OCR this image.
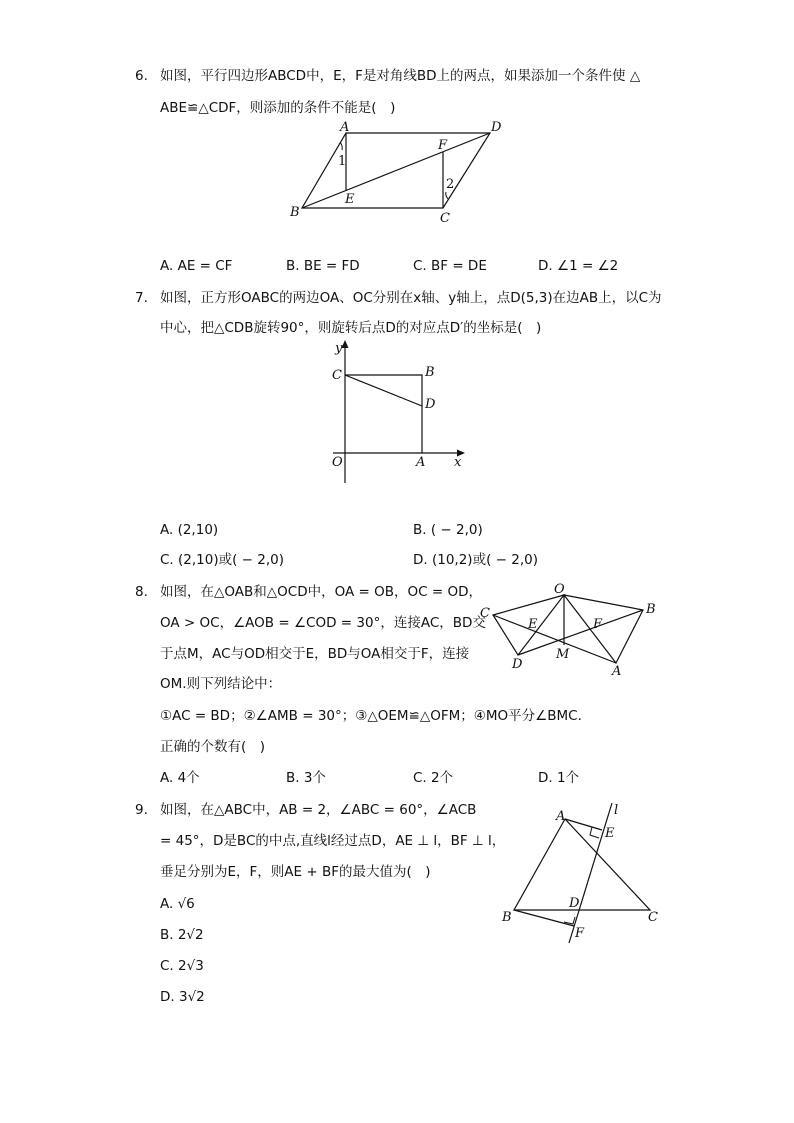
6. 如图，平行四边形ABCD中，E，F是对角线BD上的两点，如果添加一个条件使 △
ABE≌△CDF，则添加的条件不能是(　)
A	D
B	C
E
F
1
2
A. AE = CF	B. BE = FD	C. BF = DE	D. ∠1 = ∠2
7. 如图，正方形OABC的两边OA、OC分别在x轴、y轴上，点D(5,3)在边AB上，以C为
中心，把△CDB旋转90°，则旋转后点D的对应点D′的坐标是(　)
y
x
O	A
B
C
D
A. (2,10)	B. ( − 2,0)
C. (2,10)或( − 2,0)	D. (10,2)或( − 2,0)
8. 如图，在△OAB和△OCD中，OA = OB，OC = OD，
OA > OC，∠AOB = ∠COD = 30°，连接AC，BD交
于点M，AC与OD相交于E，BD与OA相交于F，连接
OM.则下列结论中：
①AC = BD；②∠AMB = 30°；③△OEM≌△OFM；④MO平分∠BMC．
正确的个数有(　)
O
C
D
B
A
E	F
M
A. 4个	B. 3个	C. 2个	D. 1个
9. 如图，在△ABC中，AB = 2，∠ABC = 60°，∠ACB
= 45°，D是BC的中点,直线l经过点D，AE ⊥ l，BF ⊥ l，
垂足分别为E，F，则AE + BF的最大值为(　)
l
A
E
B	C
D
F
A. √6
B. 2√2
C. 2√3
D. 3√2
